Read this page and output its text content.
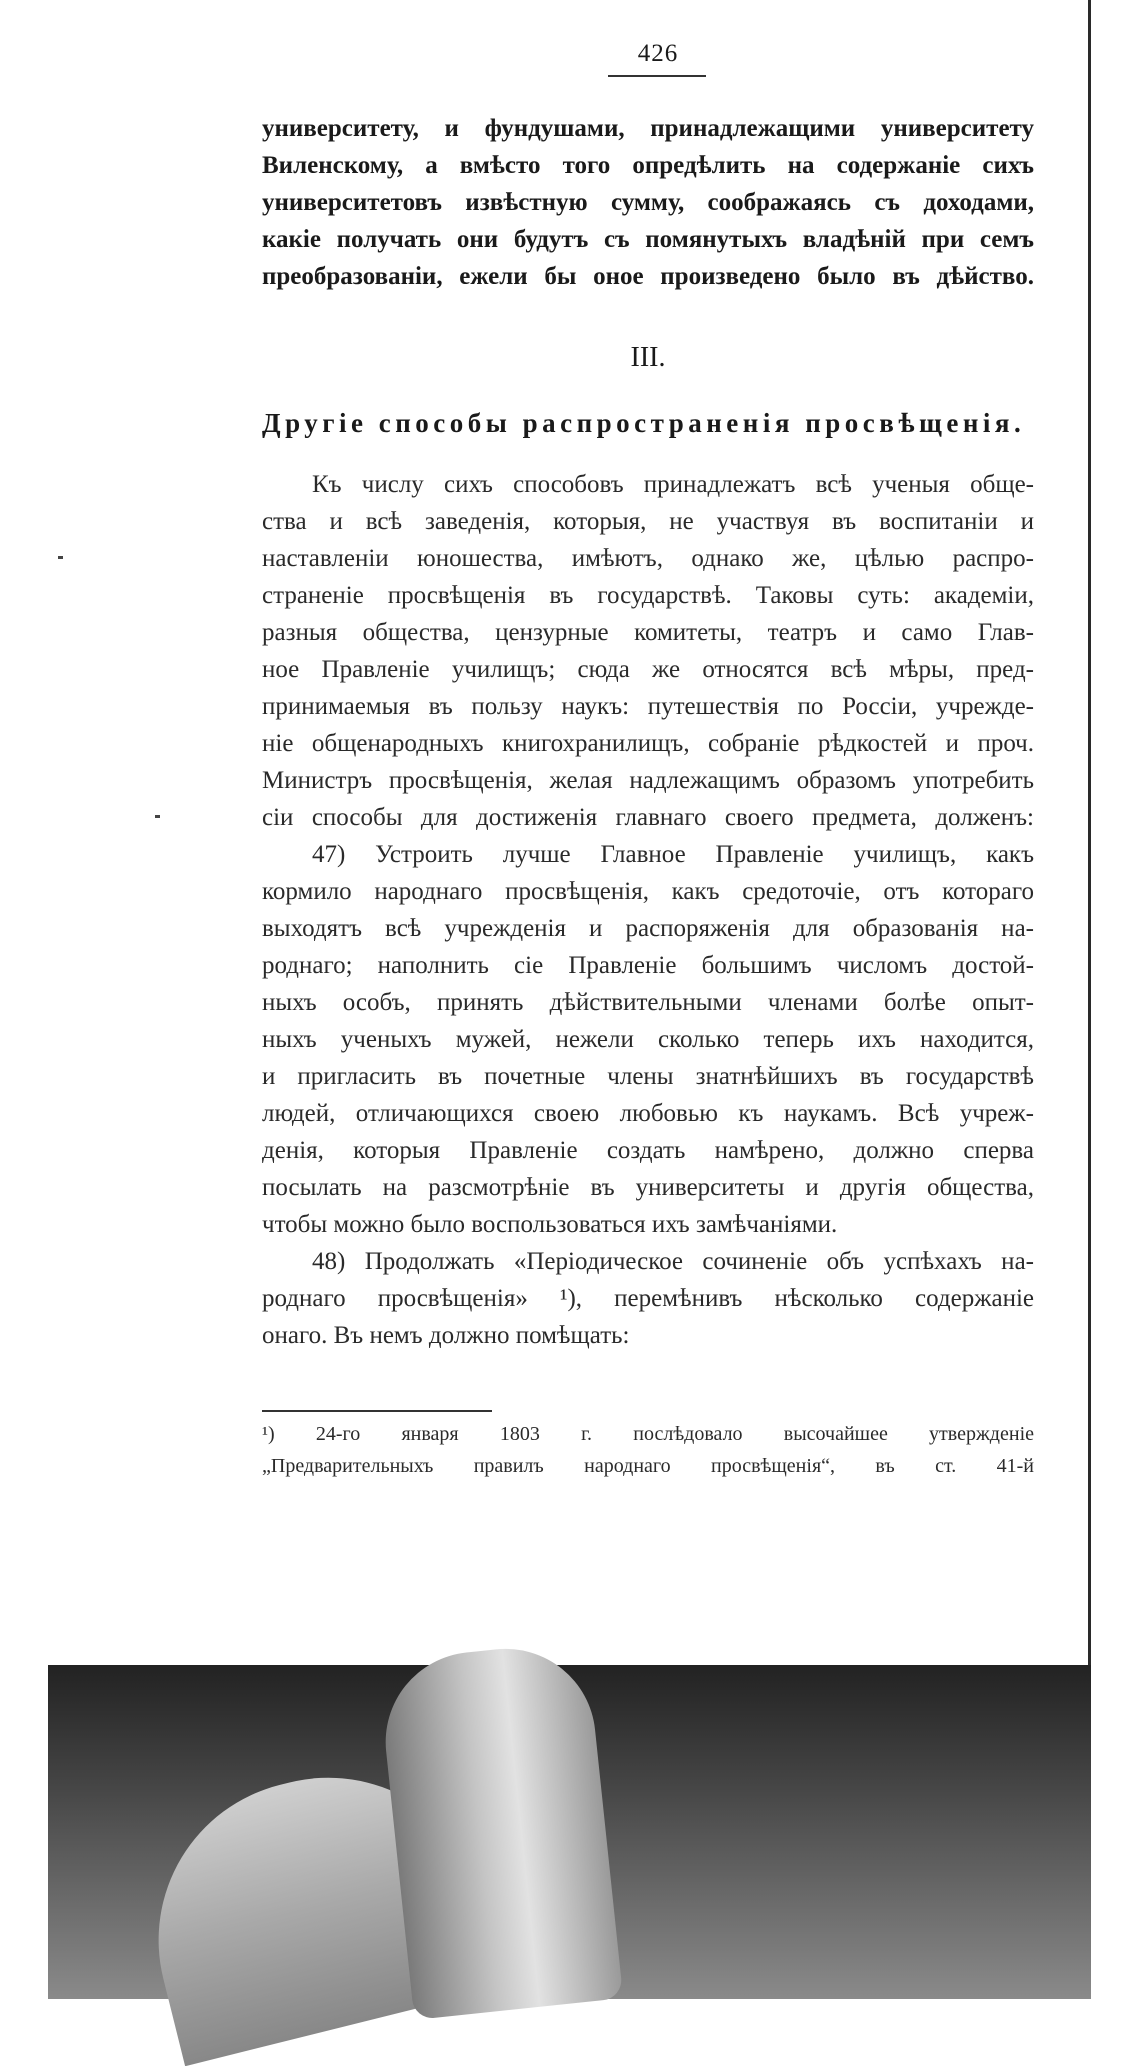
426
университету, и фундушами, принадлежащими университету
Виленскому, а вмѣсто того опредѣлить на содержаніе сихъ
университетовъ извѣстную сумму, соображаясь съ доходами,
какіе получать они будутъ съ помянутыхъ владѣній при семъ
преобразованіи, ежели бы оное произведено было въ дѣйство.
III.
Другіе способы распространенія просвѣщенія.
Къ числу сихъ способовъ принадлежатъ всѣ ученыя обще-
ства и всѣ заведенія, которыя, не участвуя въ воспитаніи и
наставленіи юношества, имѣютъ, однако же, цѣлью распро-
страненіе просвѣщенія въ государствѣ. Таковы суть: академіи,
разныя общества, цензурные комитеты, театръ и само Глав-
ное Правленіе училищъ; сюда же относятся всѣ мѣры, пред-
принимаемыя въ пользу наукъ: путешествія по Россіи, учрежде-
ніе общенародныхъ книгохранилищъ, собраніе рѣдкостей и проч.
Министръ просвѣщенія, желая надлежащимъ образомъ употребить
сіи способы для достиженія главнаго своего предмета, долженъ:
47) Устроить лучше Главное Правленіе училищъ, какъ
кормило народнаго просвѣщенія, какъ средоточіе, отъ котораго
выходятъ всѣ учрежденія и распоряженія для образованія на-
роднаго; наполнить сіе Правленіе большимъ числомъ достой-
ныхъ особъ, принять дѣйствительными членами болѣе опыт-
ныхъ ученыхъ мужей, нежели сколько теперь ихъ находится,
и пригласить въ почетные члены знатнѣйшихъ въ государствѣ
людей, отличающихся своею любовью къ наукамъ. Всѣ учреж-
денія, которыя Правленіе создать намѣрено, должно сперва
посылать на разсмотрѣніе въ университеты и другія общества,
чтобы можно было воспользоваться ихъ замѣчаніями.
48) Продолжать «Періодическое сочиненіе объ успѣхахъ на-
роднаго просвѣщенія» ¹), перемѣнивъ нѣсколько содержаніе
онаго. Въ немъ должно помѣщать:
¹) 24-го января 1803 г. послѣдовало высочайшее утвержденіе
„Предварительныхъ правилъ народнаго просвѣщенія“, въ ст. 41-й
